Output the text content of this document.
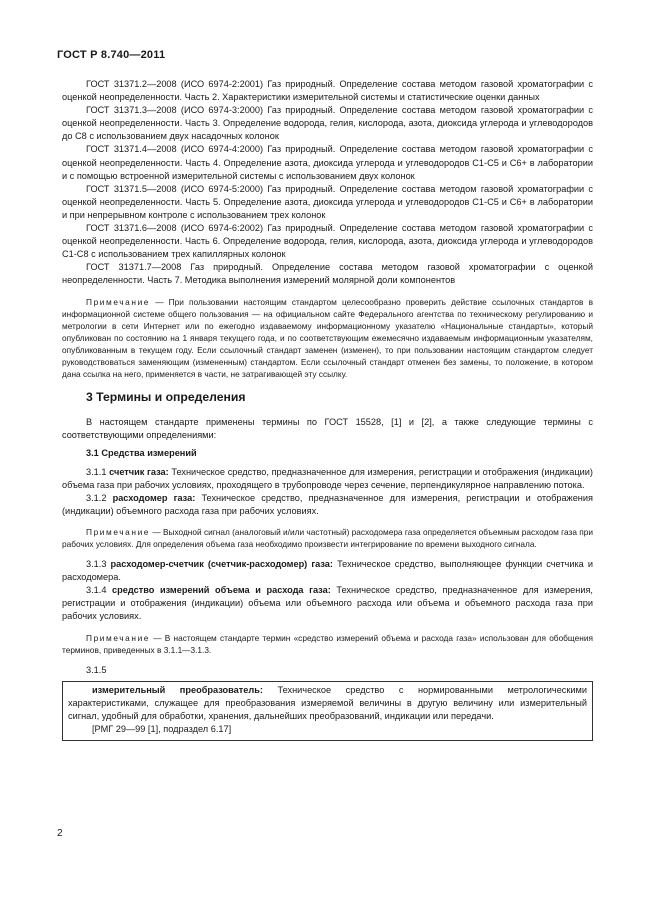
ГОСТ Р 8.740—2011

ГОСТ 31371.2—2008 (ИСО 6974-2:2001) Газ природный. Определение состава методом газовой хроматографии с оценкой неопределенности. Часть 2. Характеристики измерительной системы и статистические оценки данных

ГОСТ 31371.3—2008 (ИСО 6974-3:2000) Газ природный. Определение состава методом газовой хроматографии с оценкой неопределенности. Часть 3. Определение водорода, гелия, кислорода, азота, диоксида углерода и углеводородов до C8 с использованием двух насадочных колонок

ГОСТ 31371.4—2008 (ИСО 6974-4:2000) Газ природный. Определение состава методом газовой хроматографии с оценкой неопределенности. Часть 4. Определение азота, диоксида углерода и углеводородов C1-C5 и C6+ в лаборатории и с помощью встроенной измерительной системы с использованием двух колонок

ГОСТ 31371.5—2008 (ИСО 6974-5:2000) Газ природный. Определение состава методом газовой хроматографии с оценкой неопределенности. Часть 5. Определение азота, диоксида углерода и углеводородов C1-C5 и C6+ в лаборатории и при непрерывном контроле с использованием трех колонок

ГОСТ 31371.6—2008 (ИСО 6974-6:2002) Газ природный. Определение состава методом газовой хроматографии с оценкой неопределенности. Часть 6. Определение водорода, гелия, кислорода, азота, диоксида углерода и углеводородов C1-C8 с использованием трех капиллярных колонок

ГОСТ 31371.7—2008 Газ природный. Определение состава методом газовой хроматографии с оценкой неопределенности. Часть 7. Методика выполнения измерений молярной доли компонентов

Примечание — При пользовании настоящим стандартом целесообразно проверить действие ссылочных стандартов в информационной системе общего пользования — на официальном сайте Федерального агентства по техническому регулированию и метрологии в сети Интернет или по ежегодно издаваемому информационному указателю «Национальные стандарты», который опубликован по состоянию на 1 января текущего года, и по соответствующим ежемесячно издаваемым информационным указателям, опубликованным в текущем году. Если ссылочный стандарт заменен (изменен), то при пользовании настоящим стандартом следует руководствоваться заменяющим (измененным) стандартом. Если ссылочный стандарт отменен без замены, то положение, в котором дана ссылка на него, применяется в части, не затрагивающей эту ссылку.

3 Термины и определения

В настоящем стандарте применены термины по ГОСТ 15528, [1] и [2], а также следующие термины с соответствующими определениями:

3.1 Средства измерений

3.1.1 счетчик газа: Техническое средство, предназначенное для измерения, регистрации и отображения (индикации) объема газа при рабочих условиях, проходящего в трубопроводе через сечение, перпендикулярное направлению потока.

3.1.2 расходомер газа: Техническое средство, предназначенное для измерения, регистрации и отображения (индикации) объемного расхода газа при рабочих условиях.

Примечание — Выходной сигнал (аналоговый и/или частотный) расходомера газа определяется объемным расходом газа при рабочих условиях. Для определения объема газа необходимо произвести интегрирование по времени выходного сигнала.

3.1.3 расходомер-счетчик (счетчик-расходомер) газа: Техническое средство, выполняющее функции счетчика и расходомера.

3.1.4 средство измерений объема и расхода газа: Техническое средство, предназначенное для измерения, регистрации и отображения (индикации) объема или объемного расхода или объема и объемного расхода газа при рабочих условиях.

Примечание — В настоящем стандарте термин «средство измерений объема и расхода газа» использован для обобщения терминов, приведенных в 3.1.1—3.1.3.

3.1.5

измерительный преобразователь: Техническое средство с нормированными метрологическими характеристиками, служащее для преобразования измеряемой величины в другую величину или измерительный сигнал, удобный для обработки, хранения, дальнейших преобразований, индикации или передачи.

[РМГ 29—99 [1], подраздел 6.17]

2
